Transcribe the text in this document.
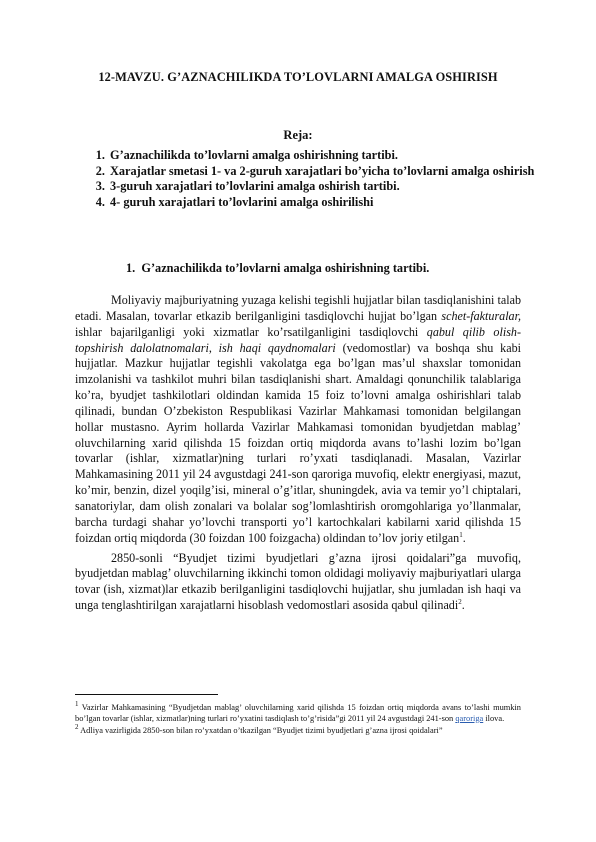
12-MAVZU. G’AZNACHILIKDA TO’LOVLARNI AMALGA OSHIRISH
Reja:
1. G’aznachilikda to’lovlarni amalga oshirishning tartibi.
2. Xarajatlar smetasi 1- va 2-guruh xarajatlari bo’yicha to’lovlarni amalga oshirish
3. 3-guruh xarajatlari to’lovlarini amalga oshirish tartibi.
4. 4- guruh xarajatlari to’lovlarini amalga oshirilishi
1. G’aznachilikda to’lovlarni amalga oshirishning tartibi.

Moliyaviy majburiyatning yuzaga kelishi tegishli hujjatlar bilan tasdiqlanishini talab etadi. Masalan, tovarlar etkazib berilganligini tasdiqlovchi hujjat bo’lgan schet-fakturalar, ishlar bajarilganligi yoki xizmatlar ko’rsatilganligini tasdiqlovchi qabul qilib olish-topshirish dalolatnomalari, ish haqi qaydnomalari (vedomostlar) va boshqa shu kabi hujjatlar. Mazkur hujjatlar tegishli vakolatga ega bo’lgan mas’ul shaxslar tomonidan imzolanishi va tashkilot muhri bilan tasdiqlanishi shart. Amaldagi qonunchilik talablariga ko’ra, byudjet tashkilotlari oldindan kamida 15 foiz to’lovni amalga oshirishlari talab qilinadi, bundan O’zbekiston Respublikasi Vazirlar Mahkamasi tomonidan belgilangan hollar mustasno. Ayrim hollarda Vazirlar Mahkamasi tomonidan byudjetdan mablag’ oluvchilarning xarid qilishda 15 foizdan ortiq miqdorda avans to’lashi lozim bo’lgan tovarlar (ishlar, xizmatlar)ning turlari ro’yxati tasdiqlanadi. Masalan, Vazirlar Mahkamasining 2011 yil 24 avgustdagi 241-son qaroriga muvofiq, elektr energiyasi, mazut, ko’mir, benzin, dizel yoqilg’isi, mineral o’g’itlar, shuningdek, avia va temir yo’l chiptalari, sanatoriylar, dam olish zonalari va bolalar sog’lomlashtirish oromgohlariga yo’llanmalar, barcha turdagi shahar yo’lovchi transporti yo’l kartochkalari kabilarni xarid qilishda 15 foizdan ortiq miqdorda (30 foizdan 100 foizgacha) oldindan to’lov joriy etilgan$^1$.

2850-sonli “Byudjet tizimi byudjetlari g’azna ijrosi qoidalari”ga muvofiq, byudjetdan mablag’ oluvchilarning ikkinchi tomon oldidagi moliyaviy majburiyatlari ularga tovar (ish, xizmat)lar etkazib berilganligini tasdiqlovchi hujjatlar, shu jumladan ish haqi va unga tenglashtirilgan xarajatlarni hisoblash vedomostlari asosida qabul qilinadi$^2$.

$^1$ Vazirlar Mahkamasining “Byudjetdan mablag’ oluvchilarning xarid qilishda 15 foizdan ortiq miqdorda avans to’lashi mumkin bo’lgan tovarlar (ishlar, xizmatlar)ning turlari ro’yxatini tasdiqlash to’g’risida”gi 2011 yil 24 avgustdagi 241-son qaroriga ilova.

$^2$ Adliya vazirligida 2850-son bilan ro’yxatdan o’tkazilgan “Byudjet tizimi byudjetlari g’azna ijrosi qoidalari”
